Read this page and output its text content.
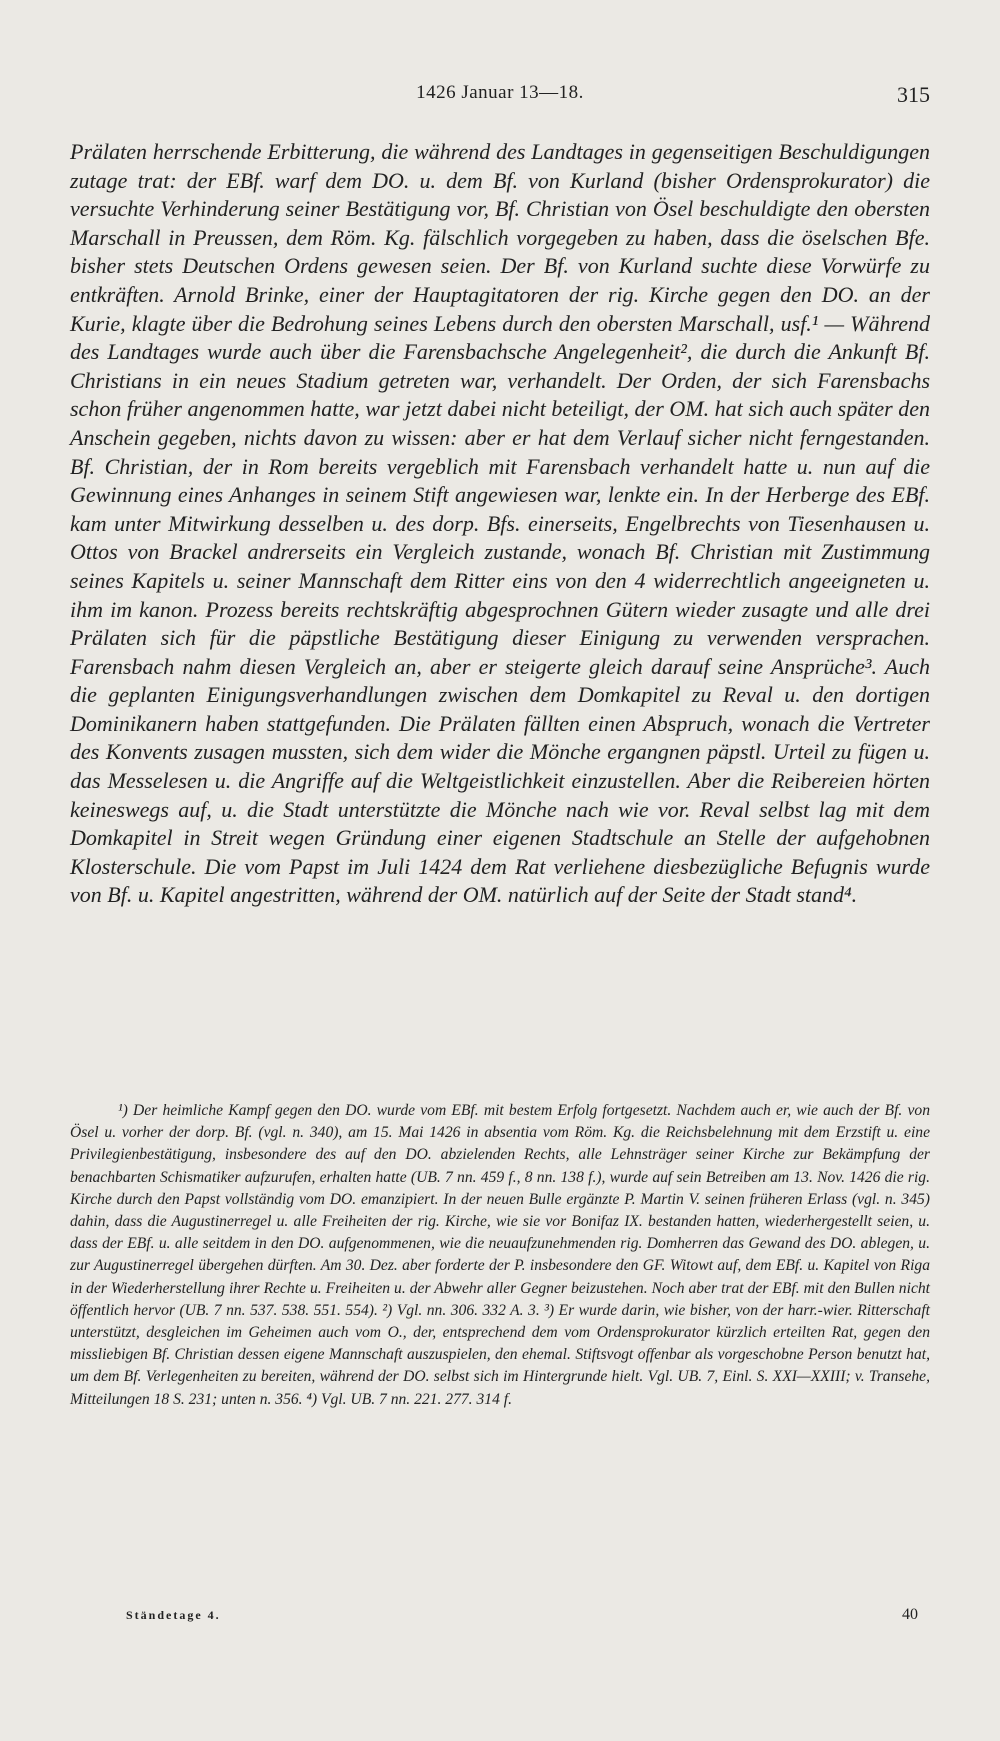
1426 Januar 13—18.	315

Prälaten herrschende Erbitterung, die während des Landtages in gegenseitigen Beschuldigungen zutage trat: der EBf. warf dem DO. u. dem Bf. von Kurland (bisher Ordensprokurator) die versuchte Verhinderung seiner Bestätigung vor, Bf. Christian von Ösel beschuldigte den obersten Marschall in Preussen, dem Röm. Kg. fälschlich vorgegeben zu haben, dass die öselschen Bfe. bisher stets Deutschen Ordens gewesen seien. Der Bf. von Kurland suchte diese Vorwürfe zu entkräften. Arnold Brinke, einer der Hauptagitatoren der rig. Kirche gegen den DO. an der Kurie, klagte über die Bedrohung seines Lebens durch den obersten Marschall, usf.¹ — Während des Landtages wurde auch über die Farensbachsche Angelegenheit², die durch die Ankunft Bf. Christians in ein neues Stadium getreten war, verhandelt. Der Orden, der sich Farensbachs schon früher angenommen hatte, war jetzt dabei nicht beteiligt, der OM. hat sich auch später den Anschein gegeben, nichts davon zu wissen: aber er hat dem Verlauf sicher nicht ferngestanden. Bf. Christian, der in Rom bereits vergeblich mit Farensbach verhandelt hatte u. nun auf die Gewinnung eines Anhanges in seinem Stift angewiesen war, lenkte ein. In der Herberge des EBf. kam unter Mitwirkung desselben u. des dorp. Bfs. einerseits, Engelbrechts von Tiesenhausen u. Ottos von Brackel andrerseits ein Vergleich zustande, wonach Bf. Christian mit Zustimmung seines Kapitels u. seiner Mannschaft dem Ritter eins von den 4 widerrechtlich angeeigneten u. ihm im kanon. Prozess bereits rechtskräftig abgesprochnen Gütern wieder zusagte und alle drei Prälaten sich für die päpstliche Bestätigung dieser Einigung zu verwenden versprachen. Farensbach nahm diesen Vergleich an, aber er steigerte gleich darauf seine Ansprüche³. Auch die geplanten Einigungsverhandlungen zwischen dem Domkapitel zu Reval u. den dortigen Dominikanern haben stattgefunden. Die Prälaten fällten einen Abspruch, wonach die Vertreter des Konvents zusagen mussten, sich dem wider die Mönche ergangnen päpstl. Urteil zu fügen u. das Messelesen u. die Angriffe auf die Weltgeistlichkeit einzustellen. Aber die Reibereien hörten keineswegs auf, u. die Stadt unterstützte die Mönche nach wie vor. Reval selbst lag mit dem Domkapitel in Streit wegen Gründung einer eigenen Stadtschule an Stelle der aufgehobnen Klosterschule. Die vom Papst im Juli 1424 dem Rat verliehene diesbezügliche Befugnis wurde von Bf. u. Kapitel angestritten, während der OM. natürlich auf der Seite der Stadt stand⁴.

¹) Der heimliche Kampf gegen den DO. wurde vom EBf. mit bestem Erfolg fortgesetzt. Nachdem auch er, wie auch der Bf. von Ösel u. vorher der dorp. Bf. (vgl. n. 340), am 15. Mai 1426 in absentia vom Röm. Kg. die Reichsbelehnung mit dem Erzstift u. eine Privilegienbestätigung, insbesondere des auf den DO. abzielenden Rechts, alle Lehnsträger seiner Kirche zur Bekämpfung der benachbarten Schismatiker aufzurufen, erhalten hatte (UB. 7 nn. 459 f., 8 nn. 138 f.), wurde auf sein Betreiben am 13. Nov. 1426 die rig. Kirche durch den Papst vollständig vom DO. emanzipiert. In der neuen Bulle ergänzte P. Martin V. seinen früheren Erlass (vgl. n. 345) dahin, dass die Augustinerregel u. alle Freiheiten der rig. Kirche, wie sie vor Bonifaz IX. bestanden hatten, wiederhergestellt seien, u. dass der EBf. u. alle seitdem in den DO. aufgenommenen, wie die neuaufzunehmenden rig. Domherren das Gewand des DO. ablegen, u. zur Augustinerregel übergehen dürften. Am 30. Dez. aber forderte der P. insbesondere den GF. Witowt auf, dem EBf. u. Kapitel von Riga in der Wiederherstellung ihrer Rechte u. Freiheiten u. der Abwehr aller Gegner beizustehen. Noch aber trat der EBf. mit den Bullen nicht öffentlich hervor (UB. 7 nn. 537. 538. 551. 554). ²) Vgl. nn. 306. 332 A. 3. ³) Er wurde darin, wie bisher, von der harr.-wier. Ritterschaft unterstützt, desgleichen im Geheimen auch vom O., der, entsprechend dem vom Ordensprokurator kürzlich erteilten Rat, gegen den missliebigen Bf. Christian dessen eigene Mannschaft auszuspielen, den ehemal. Stiftsvogt offenbar als vorgeschobne Person benutzt hat, um dem Bf. Verlegenheiten zu bereiten, während der DO. selbst sich im Hintergrunde hielt. Vgl. UB. 7, Einl. S. XXI—XXIII; v. Transehe, Mitteilungen 18 S. 231; unten n. 356. ⁴) Vgl. UB. 7 nn. 221. 277. 314 f.

Ständetage 4.	40
